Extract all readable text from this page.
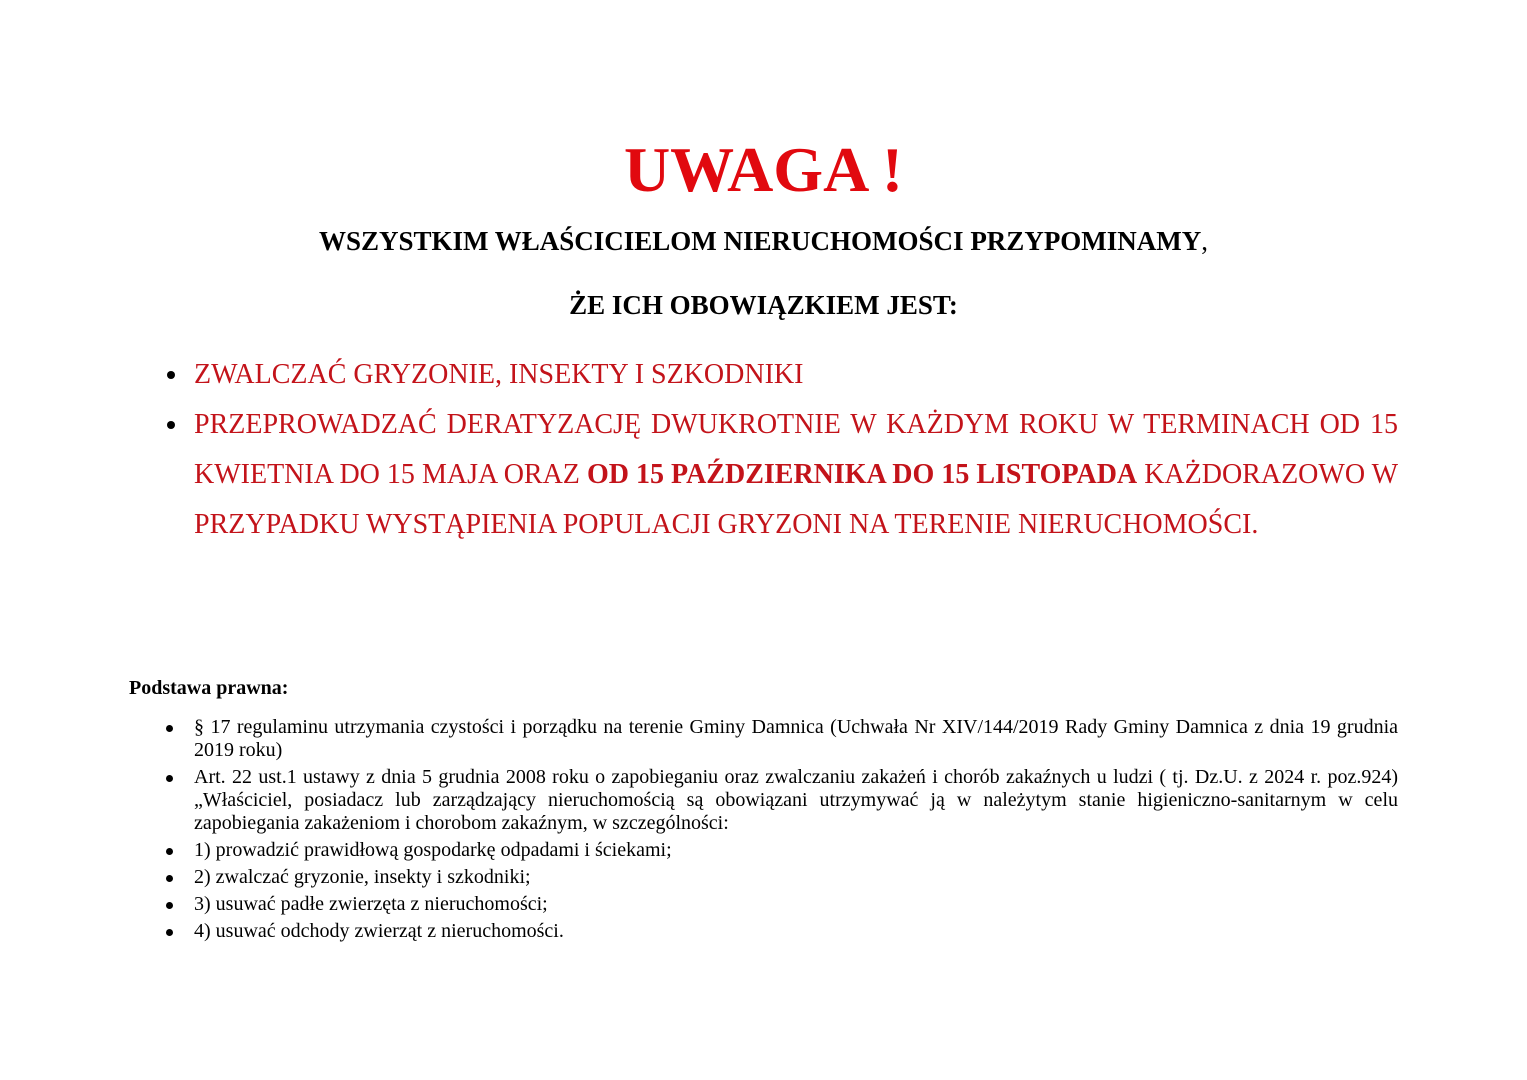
UWAGA !
WSZYSTKIM WŁAŚCICIELOM NIERUCHOMOŚCI PRZYPOMINAMY,
ŻE ICH OBOWIĄZKIEM JEST:
ZWALCZAĆ GRYZONIE, INSEKTY I SZKODNIKI
PRZEPROWADZAĆ DERATYZACJĘ DWUKROTNIE W KAŻDYM ROKU W TERMINACH OD 15 KWIETNIA DO 15 MAJA ORAZ OD 15 PAŹDZIERNIKA DO 15 LISTOPADA KAŻDORAZOWO W PRZYPADKU WYSTĄPIENIA POPULACJI GRYZONI NA TERENIE NIERUCHOMOŚCI.
Podstawa prawna:
§ 17 regulaminu utrzymania czystości i porządku na terenie Gminy Damnica (Uchwała Nr XIV/144/2019 Rady Gminy Damnica z dnia 19 grudnia 2019 roku)
Art. 22 ust.1 ustawy z dnia 5 grudnia 2008 roku o zapobieganiu oraz zwalczaniu zakażeń i chorób zakaźnych u ludzi ( tj. Dz.U. z 2024 r. poz.924) „Właściciel, posiadacz lub zarządzający nieruchomością są obowiązani utrzymywać ją w należytym stanie higieniczno-sanitarnym w celu zapobiegania zakażeniom i chorobom zakaźnym, w szczególności:
1) prowadzić prawidłową gospodarkę odpadami i ściekami;
2) zwalczać gryzonie, insekty i szkodniki;
3) usuwać padłe zwierzęta z nieruchomości;
4) usuwać odchody zwierząt z nieruchomości.
